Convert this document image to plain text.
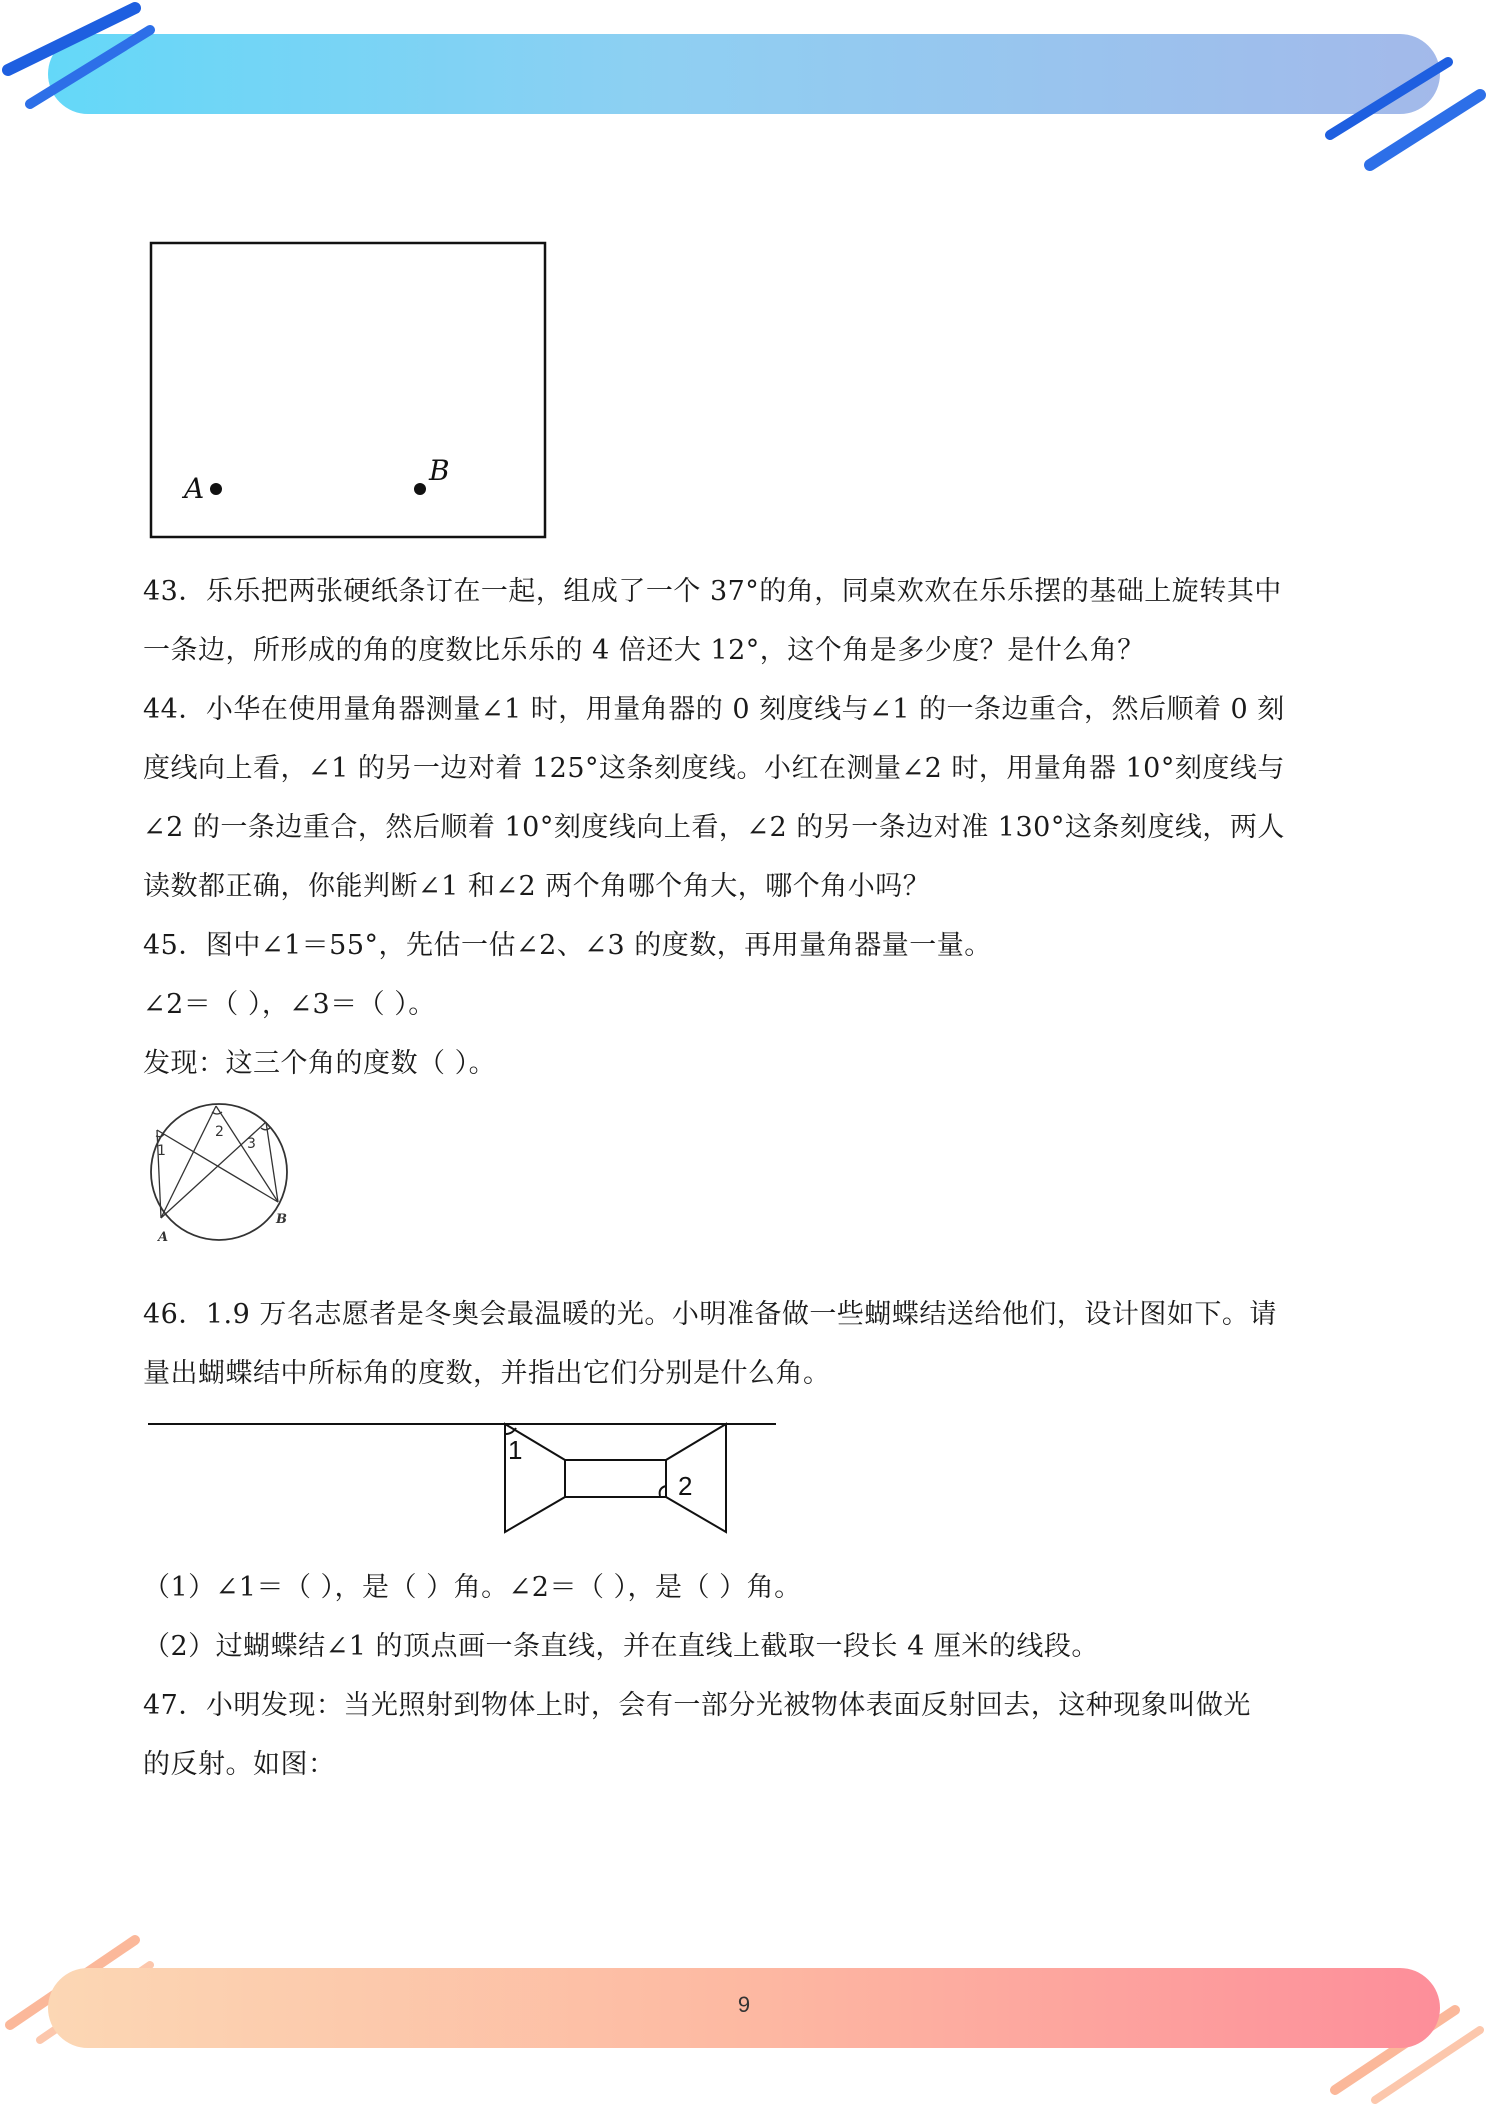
9
A
B
43．乐乐把两张硬纸条订在一起，组成了一个 37°的角，同桌欢欢在乐乐摆的基础上旋转其中
一条边，所形成的角的度数比乐乐的 4 倍还大 12°，这个角是多少度？是什么角？
44．小华在使用量角器测量∠1 时，用量角器的 0 刻度线与∠1 的一条边重合，然后顺着 0 刻
度线向上看，∠1 的另一边对着 125°这条刻度线。小红在测量∠2 时，用量角器 10°刻度线与
∠2 的一条边重合，然后顺着 10°刻度线向上看，∠2 的另一条边对准 130°这条刻度线，两人
读数都正确，你能判断∠1 和∠2 两个角哪个角大，哪个角小吗？
45．图中∠1＝55°，先估一估∠2、∠3 的度数，再用量角器量一量。
∠2＝（ ），∠3＝（ ）。
发现：这三个角的度数（ ）。
1
2
3
A
B
46．1.9 万名志愿者是冬奥会最温暖的光。小明准备做一些蝴蝶结送给他们，设计图如下。请
量出蝴蝶结中所标角的度数，并指出它们分别是什么角。
1
2
（1）∠1＝（ ），是（ ）角。∠2＝（ ），是（ ）角。
（2）过蝴蝶结∠1 的顶点画一条直线，并在直线上截取一段长 4 厘米的线段。
47．小明发现：当光照射到物体上时，会有一部分光被物体表面反射回去，这种现象叫做光
的反射。如图：
